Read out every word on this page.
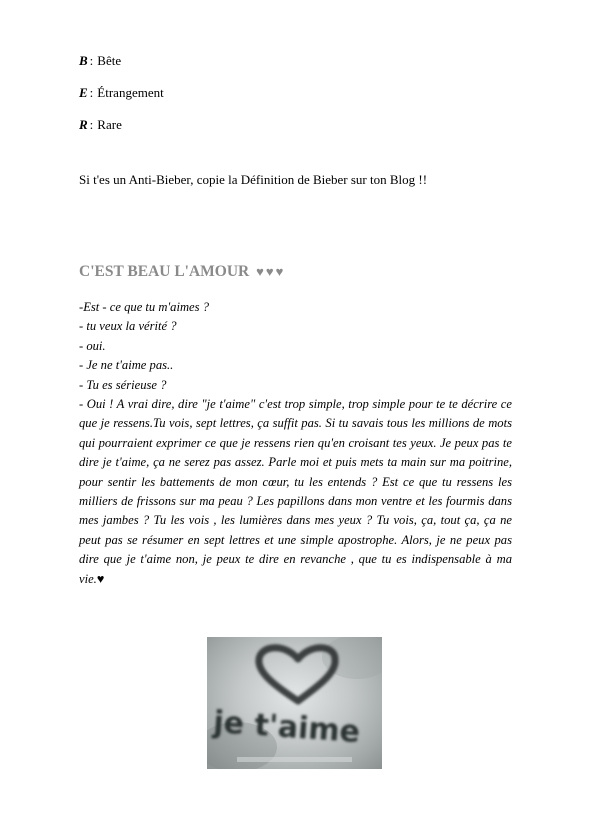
B : Bête
E : Étrangement
R : Rare
Si t'es un Anti-Bieber, copie la Définition de Bieber sur ton Blog !!
C'EST BEAU L'AMOUR ♥♥♥
-Est - ce que tu m'aimes ?
- tu veux la vérité ?
- oui.
- Je ne t'aime pas..
- Tu es sérieuse ?
- Oui ! A vrai dire, dire "je t'aime" c'est trop simple, trop simple pour te te décrire ce que je ressens.Tu vois, sept lettres, ça suffit pas. Si tu savais tous les millions de mots qui pourraient exprimer ce que je ressens rien qu'en croisant tes yeux. Je peux pas te dire je t'aime, ça ne serez pas assez. Parle moi et puis mets ta main sur ma poitrine, pour sentir les battements de mon cœur, tu les entends ? Est ce que tu ressens les milliers de frissons sur ma peau ? Les papillons dans mon ventre et les fourmis dans mes jambes ? Tu les vois , les lumières dans mes yeux ? Tu vois, ça, tout ça, ça ne peut pas se résumer en sept lettres et une simple apostrophe. Alors, je ne peux pas dire que je t'aime non, je peux te dire en revanche , que tu es indispensable à ma vie.♥
je t'aime
